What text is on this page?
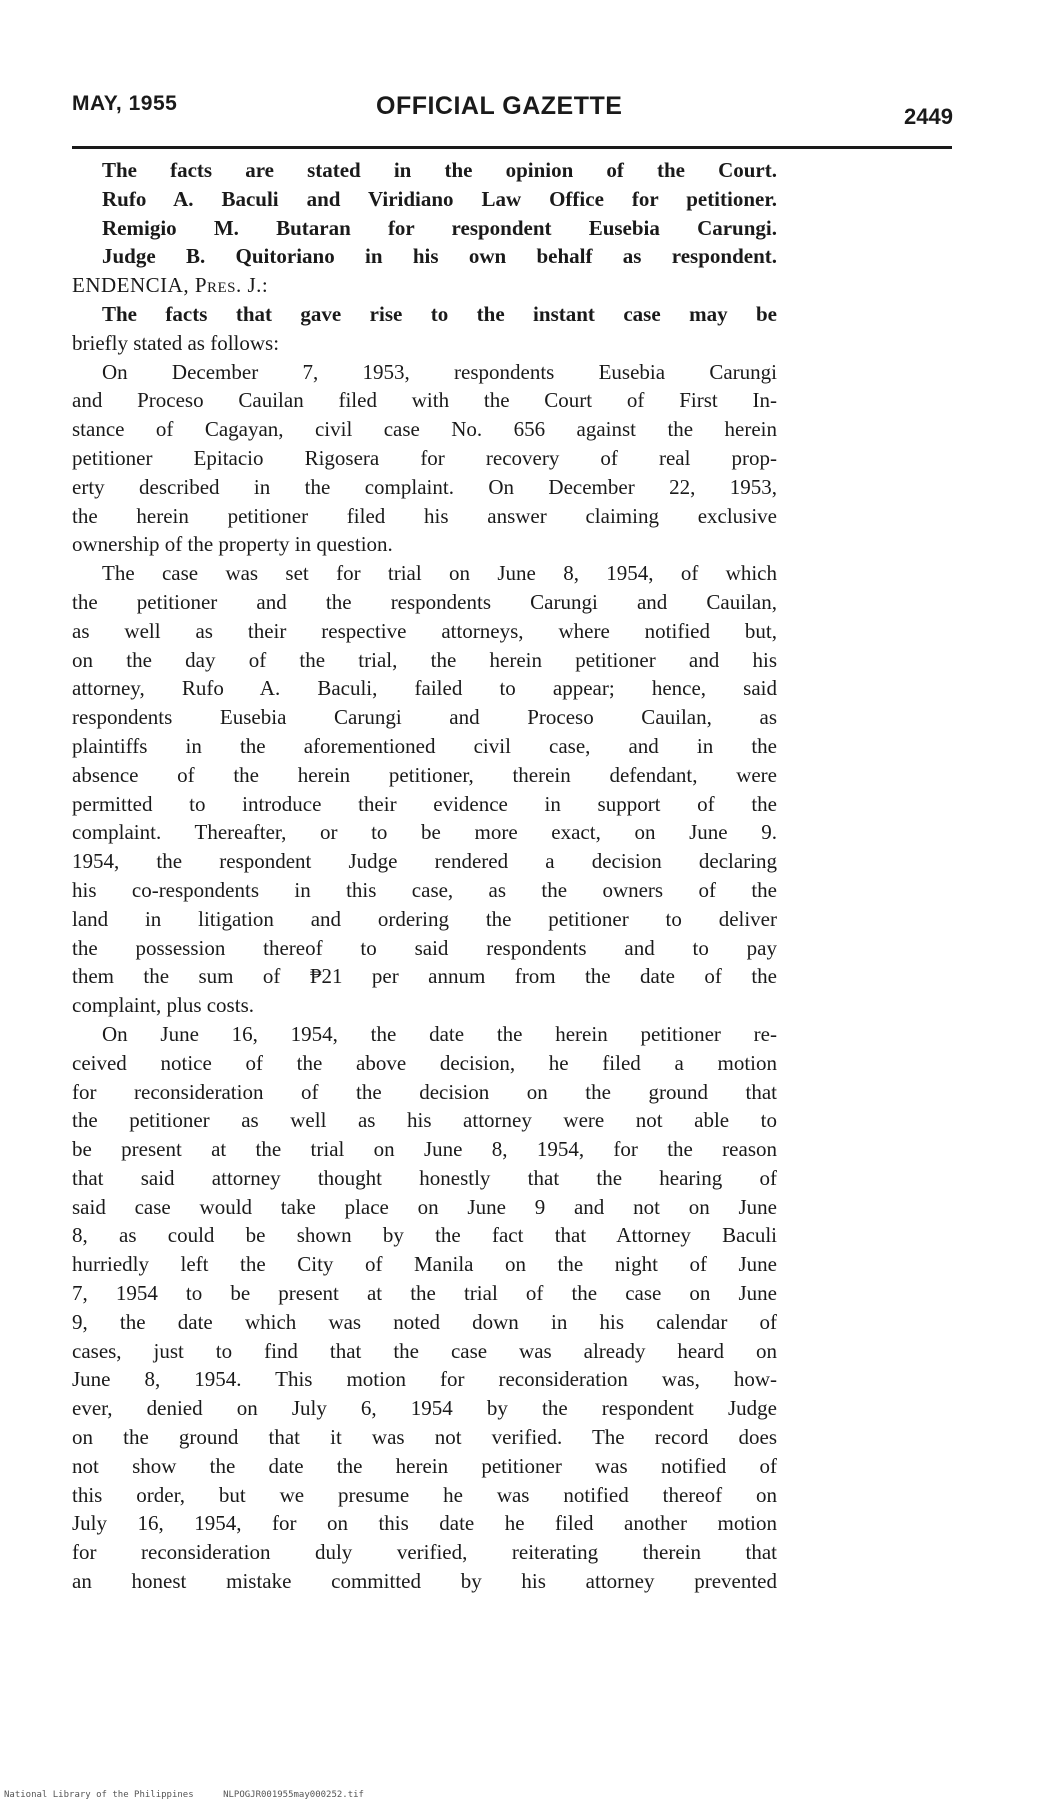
MAY, 1955	OFFICIAL GAZETTE	2449
The facts are stated in the opinion of the Court.
Rufo A. Baculi and Viridiano Law Office for petitioner.
Remigio M. Butaran for respondent Eusebia Carungi.
Judge B. Quitoriano in his own behalf as respondent.
ENDENCIA, Pres. J.:
The facts that gave rise to the instant case may be
briefly stated as follows:
On December 7, 1953, respondents Eusebia Carungi
and Proceso Cauilan filed with the Court of First In-
stance of Cagayan, civil case No. 656 against the herein
petitioner Epitacio Rigosera for recovery of real prop-
erty described in the complaint. On December 22, 1953,
the herein petitioner filed his answer claiming exclusive
ownership of the property in question.
The case was set for trial on June 8, 1954, of which
the petitioner and the respondents Carungi and Cauilan,
as well as their respective attorneys, where notified but,
on the day of the trial, the herein petitioner and his
attorney, Rufo A. Baculi, failed to appear; hence, said
respondents Eusebia Carungi and Proceso Cauilan, as
plaintiffs in the aforementioned civil case, and in the
absence of the herein petitioner, therein defendant, were
permitted to introduce their evidence in support of the
complaint. Thereafter, or to be more exact, on June 9.
1954, the respondent Judge rendered a decision declaring
his co-respondents in this case, as the owners of the
land in litigation and ordering the petitioner to deliver
the possession thereof to said respondents and to pay
them the sum of ₱21 per annum from the date of the
complaint, plus costs.
On June 16, 1954, the date the herein petitioner re-
ceived notice of the above decision, he filed a motion
for reconsideration of the decision on the ground that
the petitioner as well as his attorney were not able to
be present at the trial on June 8, 1954, for the reason
that said attorney thought honestly that the hearing of
said case would take place on June 9 and not on June
8, as could be shown by the fact that Attorney Baculi
hurriedly left the City of Manila on the night of June
7, 1954 to be present at the trial of the case on June
9, the date which was noted down in his calendar of
cases, just to find that the case was already heard on
June 8, 1954. This motion for reconsideration was, how-
ever, denied on July 6, 1954 by the respondent Judge
on the ground that it was not verified. The record does
not show the date the herein petitioner was notified of
this order, but we presume he was notified thereof on
July 16, 1954, for on this date he filed another motion
for reconsideration duly verified, reiterating therein that
an honest mistake committed by his attorney prevented
National Library of the Philippines	NLPOGJR001955may000252.tif
